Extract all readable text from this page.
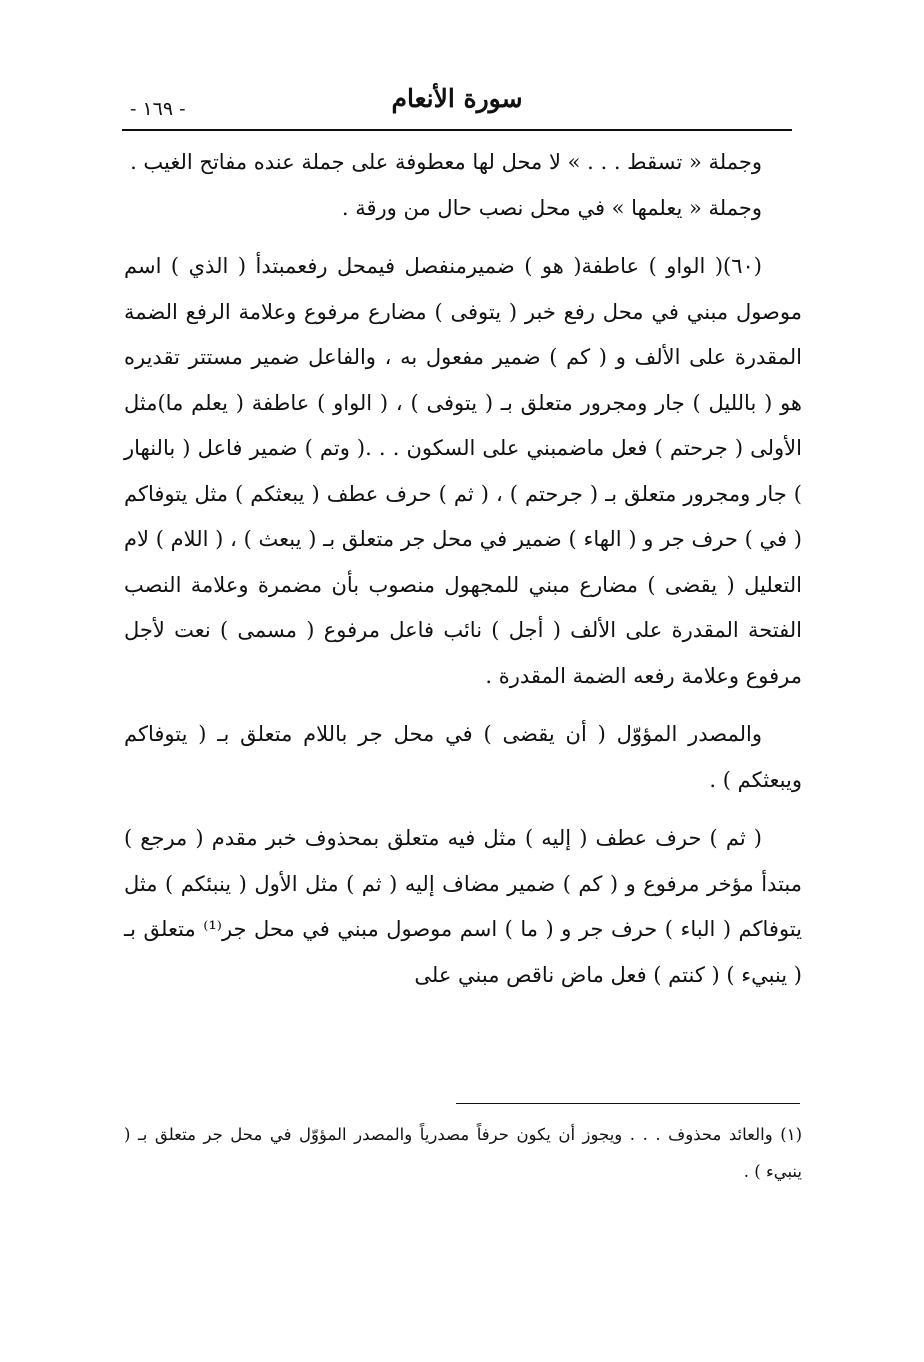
سورة الأنعام
- ١٦٩ -

وجملة « تسقط . . . » لا محل لها معطوفة على جملة عنده مفاتح الغيب .

وجملة « يعلمها » في محل نصب حال من ورقة .

(٦٠)( الواو ) عاطفة( هو ) ضميرمنفصل فيمحل رفعمبتدأ ( الذي ) اسم موصول مبني في محل رفع خبر ( يتوفى ) مضارع مرفوع وعلامة الرفع الضمة المقدرة على الألف و ( كم ) ضمير مفعول به ، والفاعل ضمير مستتر تقديره هو ( بالليل ) جار ومجرور متعلق بـ ( يتوفى ) ، ( الواو ) عاطفة ( يعلم ما)مثل الأولى ( جرحتم ) فعل ماضمبني على السكون . . .( وتم ) ضمير فاعل ( بالنهار ) جار ومجرور متعلق بـ ( جرحتم ) ، ( ثم ) حرف عطف ( يبعثكم ) مثل يتوفاكم ( في ) حرف جر و ( الهاء ) ضمير في محل جر متعلق بـ ( يبعث ) ، ( اللام ) لام التعليل ( يقضى ) مضارع مبني للمجهول منصوب بأن مضمرة وعلامة النصب الفتحة المقدرة على الألف ( أجل ) نائب فاعل مرفوع ( مسمى ) نعت لأجل مرفوع وعلامة رفعه الضمة المقدرة .

والمصدر المؤوّل ( أن يقضى ) في محل جر باللام متعلق بـ ( يتوفاكم ويبعثكم ) .

( ثم ) حرف عطف ( إليه ) مثل فيه متعلق بمحذوف خبر مقدم ( مرجع ) مبتدأ مؤخر مرفوع و ( كم ) ضمير مضاف إليه ( ثم ) مثل الأول ( ينبئكم ) مثل يتوفاكم ( الباء ) حرف جر و ( ما ) اسم موصول مبني في محل جر⁽¹⁾ متعلق بـ ( ينبيء ) ( كنتم ) فعل ماض ناقص مبني على

(١) والعائد محذوف . . . ويجوز أن يكون حرفاً مصدرياً والمصدر المؤوّل في محل جر متعلق بـ ( ينبيء ) .
